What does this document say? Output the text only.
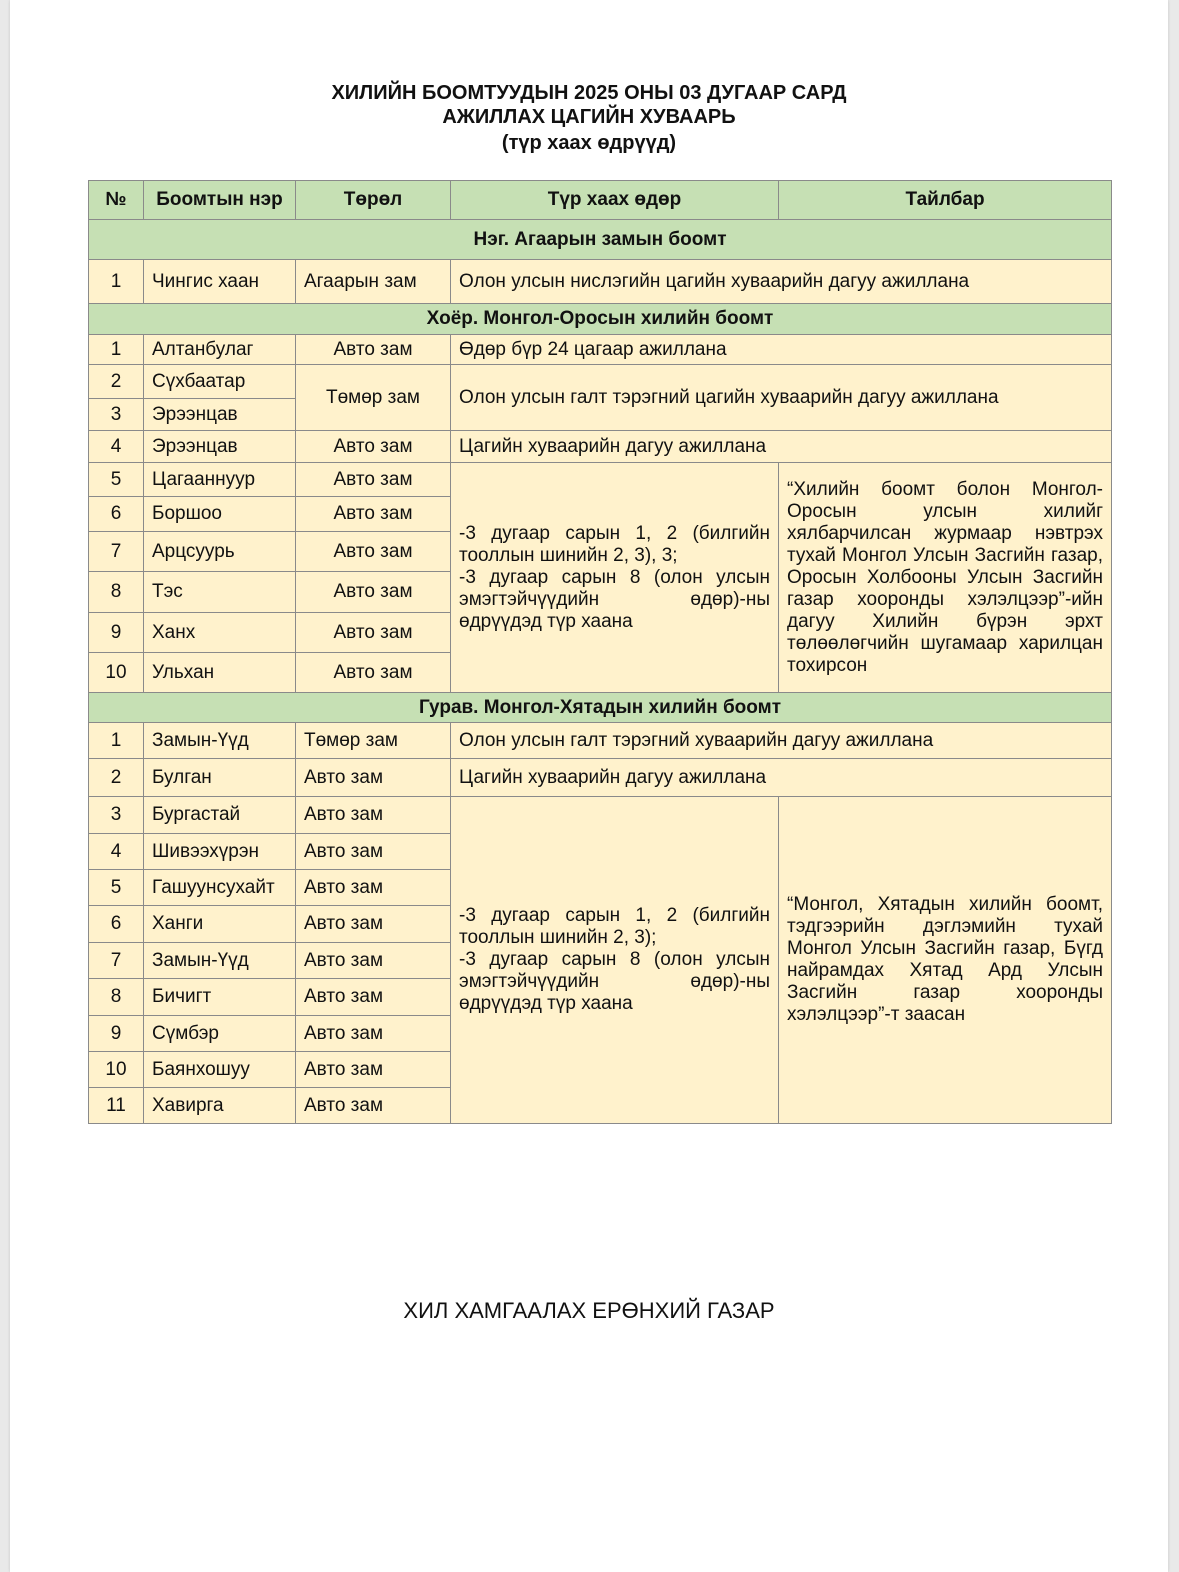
ХИЛИЙН БООМТУУДЫН 2025 ОНЫ 03 ДУГААР САРД
АЖИЛЛАХ ЦАГИЙН ХУВААРЬ
(түр хаах өдрүүд)
№	Боомтын нэр	Төрөл	Түр хаах өдөр	Тайлбар
Нэг. Агаарын замын боомт				
1	Чингис хаан	Агаарын зам	Олон улсын нислэгийн цагийн хуваарийн дагуу ажиллана	
Хоёр. Монгол-Оросын хилийн боомт				
1	Алтанбулаг	Авто зам	Өдөр бүр 24 цагаар ажиллана	
2	Сүхбаатар	Төмөр зам	Олон улсын галт тэрэгний цагийн хуваарийн дагуу ажиллана	
3	Эрээнцав			
4	Эрээнцав	Авто зам	Цагийн хуваарийн дагуу ажиллана	
5	Цагааннуур	Авто зам	-3 дугаар сарын 1, 2 (билгийн тооллын шинийн 2, 3), 3;
-3 дугаар сарын 8 (олон улсын эмэгтэйчүүдийн өдөр)-ны өдрүүдэд түр хаана	“Хилийн боомт болон Монгол-Оросын улсын хилийг хялбарчилсан журмаар нэвтрэх тухай Монгол Улсын Засгийн газар, Оросын Холбооны Улсын Засгийн газар хооронды хэлэлцээр”-ийн дагуу Хилийн бүрэн эрхт төлөөлөгчийн шугамаар харилцан тохирсон
6	Боршоо	Авто зам		
7	Арцсуурь	Авто зам		
8	Тэс	Авто зам		
9	Ханх	Авто зам		
10	Ульхан	Авто зам		
Гурав. Монгол-Хятадын хилийн боомт				
1	Замын-Үүд	Төмөр зам	Олон улсын галт тэрэгний хуваарийн дагуу ажиллана	
2	Булган	Авто зам	Цагийн хуваарийн дагуу ажиллана	
3	Бургастай	Авто зам	-3 дугаар сарын 1, 2 (билгийн тооллын шинийн 2, 3);
-3 дугаар сарын 8 (олон улсын эмэгтэйчүүдийн өдөр)-ны өдрүүдэд түр хаана	“Монгол, Хятадын хилийн боомт, тэдгээрийн дэглэмийн тухай Монгол Улсын Засгийн газар, Бүгд найрамдах Хятад Ард Улсын Засгийн газар хооронды хэлэлцээр”-т заасан
4	Шивээхүрэн	Авто зам		
5	Гашуунсухайт	Авто зам		
6	Ханги	Авто зам		
7	Замын-Үүд	Авто зам		
8	Бичигт	Авто зам		
9	Сүмбэр	Авто зам		
10	Баянхошуу	Авто зам		
11	Хавирга	Авто зам		
ХИЛ ХАМГААЛАХ ЕРӨНХИЙ ГАЗАР
